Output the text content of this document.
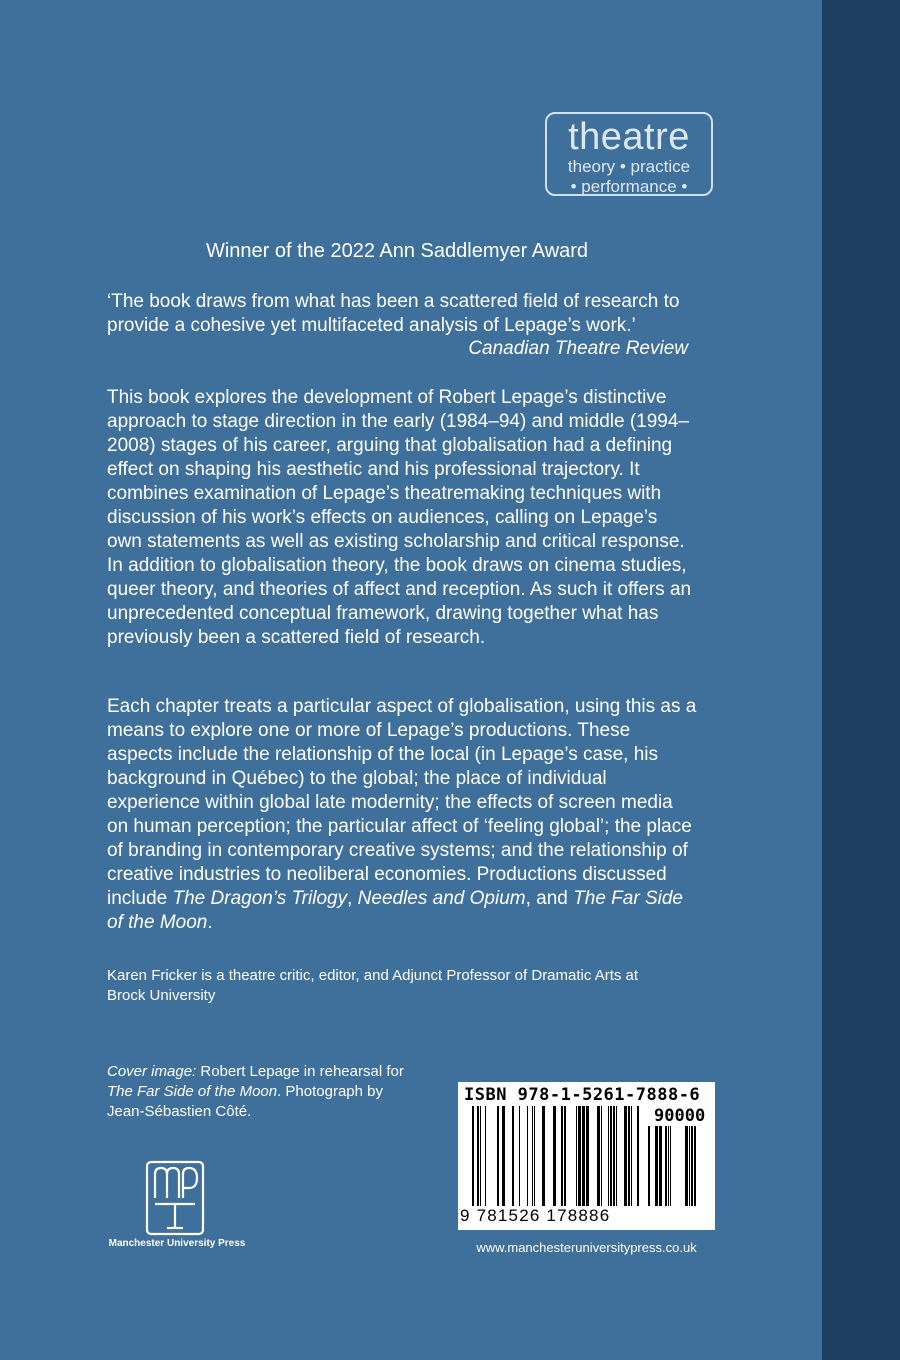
theatre
theory • practice
• performance •
Winner of the 2022 Ann Saddlemyer Award
‘The book draws from what has been a scattered field of research to provide a cohesive yet multifaceted analysis of Lepage’s work.’
Canadian Theatre Review

This book explores the development of Robert Lepage’s distinctive approach to stage direction in the early (1984–94) and middle (1994–2008) stages of his career, arguing that globalisation had a defining effect on shaping his aesthetic and his professional trajectory. It combines examination of Lepage’s theatremaking techniques with discussion of his work’s effects on audiences, calling on Lepage’s own statements as well as existing scholarship and critical response. In addition to globalisation theory, the book draws on cinema studies, queer theory, and theories of affect and reception. As such it offers an unprecedented conceptual framework, drawing together what has previously been a scattered field of research.

Each chapter treats a particular aspect of globalisation, using this as a means to explore one or more of Lepage’s productions. These aspects include the relationship of the local (in Lepage’s case, his background in Québec) to the global; the place of individual experience within global late modernity; the effects of screen media on human perception; the particular affect of ‘feeling global’; the place of branding in contemporary creative systems; and the relationship of creative industries to neoliberal economies. Productions discussed include The Dragon’s Trilogy, Needles and Opium, and The Far Side of the Moon.

Karen Fricker is a theatre critic, editor, and Adjunct Professor of Dramatic Arts at Brock University
Cover image: Robert Lepage in rehearsal for The Far Side of the Moon. Photograph by Jean-Sébastien Côté.
Manchester University Press
ISBN 978-1-5261-7888-6
90000
9 781526 178886
www.manchesteruniversitypress.co.uk
